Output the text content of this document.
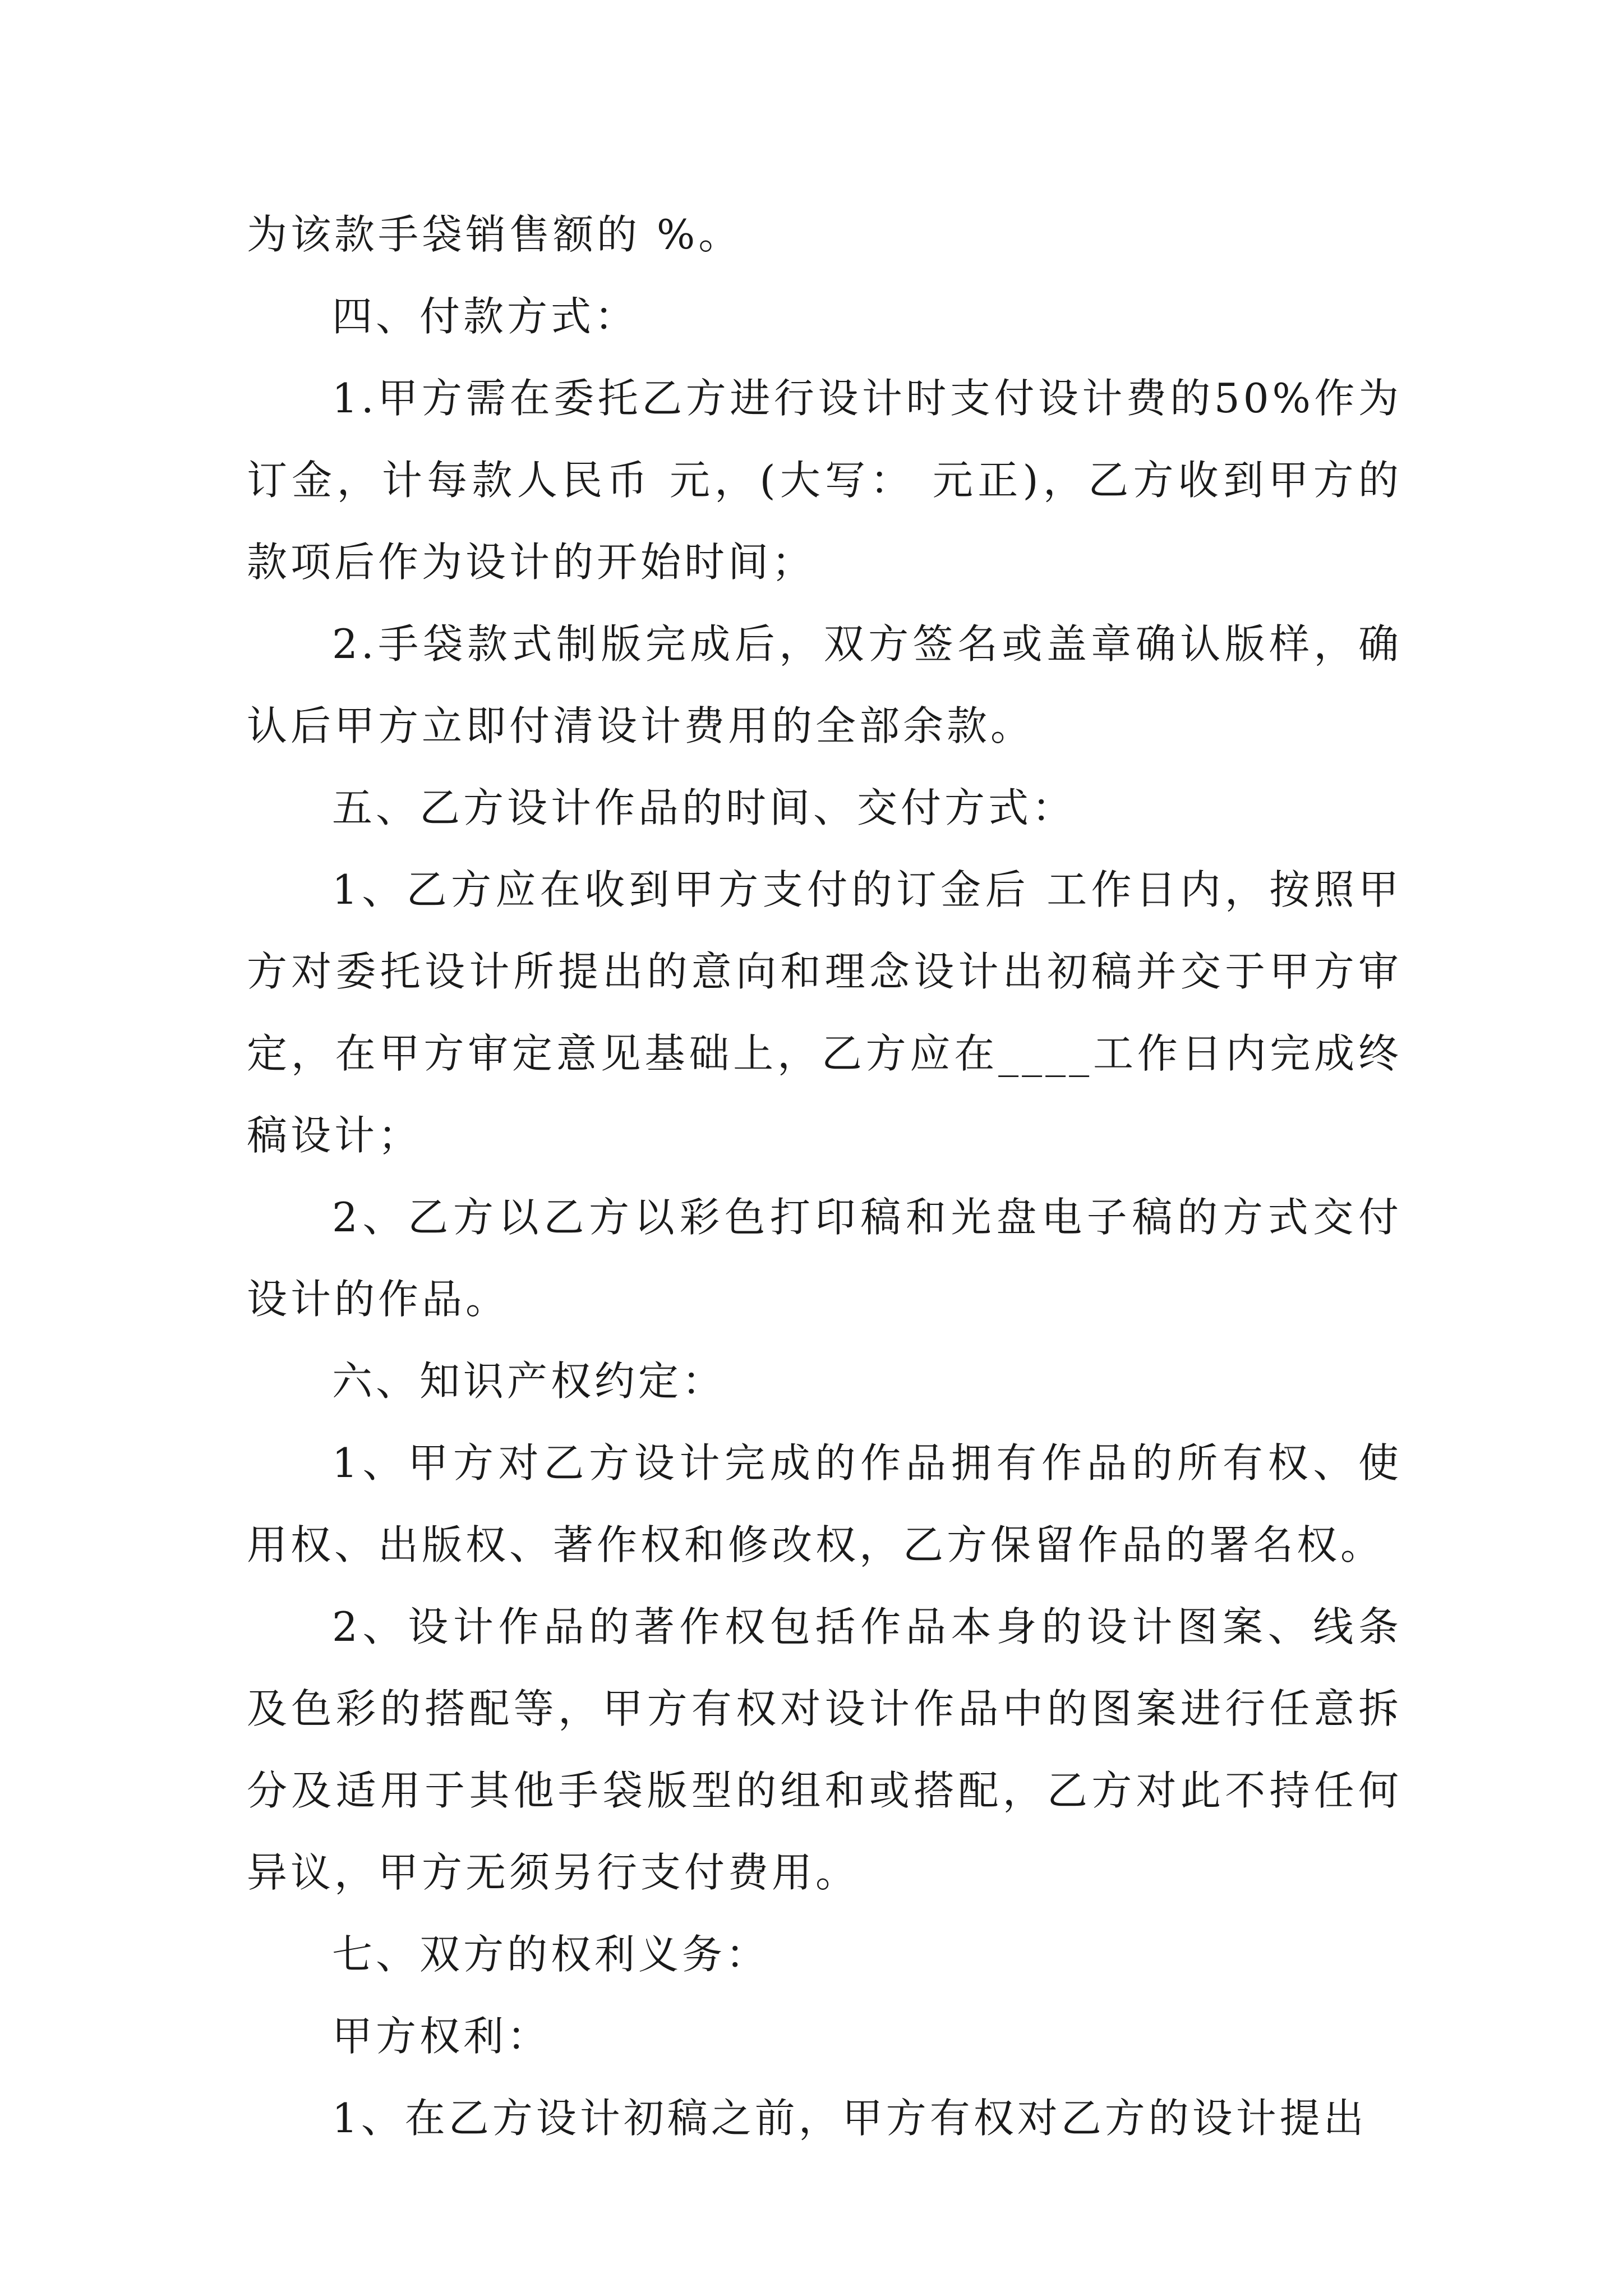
为该款手袋销售额的 %。

四、付款方式：

1.甲方需在委托乙方进行设计时支付设计费的50%作为订金，计每款人民币 元，(大写： 元正)，乙方收到甲方的款项后作为设计的开始时间；

2.手袋款式制版完成后，双方签名或盖章确认版样，确认后甲方立即付清设计费用的全部余款。

五、乙方设计作品的时间、交付方式：

1、乙方应在收到甲方支付的订金后 工作日内，按照甲方对委托设计所提出的意向和理念设计出初稿并交于甲方审定，在甲方审定意见基础上，乙方应在____工作日内完成终稿设计；

2、乙方以乙方以彩色打印稿和光盘电子稿的方式交付设计的作品。

六、知识产权约定：

1、甲方对乙方设计完成的作品拥有作品的所有权、使用权、出版权、著作权和修改权，乙方保留作品的署名权。

2、设计作品的著作权包括作品本身的设计图案、线条及色彩的搭配等，甲方有权对设计作品中的图案进行任意拆分及适用于其他手袋版型的组和或搭配，乙方对此不持任何异议，甲方无须另行支付费用。

七、双方的权利义务：

甲方权利：

1、在乙方设计初稿之前，甲方有权对乙方的设计提出
